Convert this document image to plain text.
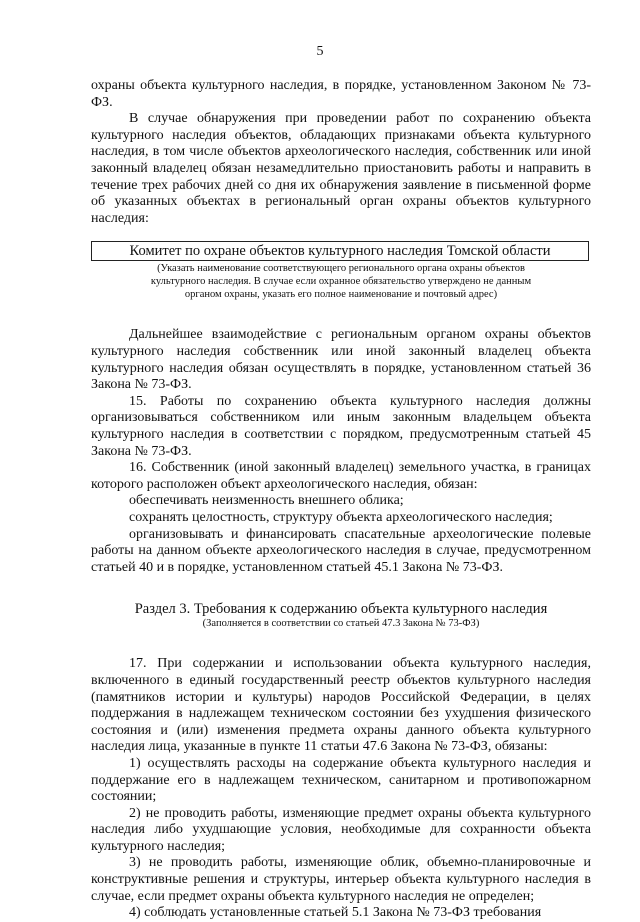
5

охраны объекта культурного наследия, в порядке, установленном Законом № 73-ФЗ.

В случае обнаружения при проведении работ по сохранению объекта культурного наследия объектов, обладающих признаками объекта культурного наследия, в том числе объектов археологического наследия, собственник или иной законный владелец обязан незамедлительно приостановить работы и направить в течение трех рабочих дней со дня их обнаружения заявление в письменной форме об указанных объектах в региональный орган охраны объектов культурного наследия:

Комитет по охране объектов культурного наследия Томской области
(Указать наименование соответствующего регионального органа охраны объектов
культурного наследия. В случае если охранное обязательство утверждено не данным
органом охраны, указать его полное наименование и почтовый адрес)

Дальнейшее взаимодействие с региональным органом охраны объектов культурного наследия собственник или иной законный владелец объекта культурного наследия обязан осуществлять в порядке, установленном статьей 36 Закона № 73-ФЗ.

15. Работы по сохранению объекта культурного наследия должны организовываться собственником или иным законным владельцем объекта культурного наследия в соответствии с порядком, предусмотренным статьей 45 Закона № 73-ФЗ.

16. Собственник (иной законный владелец) земельного участка, в границах которого расположен объект археологического наследия, обязан:

обеспечивать неизменность внешнего облика;

сохранять целостность, структуру объекта археологического наследия;

организовывать и финансировать спасательные археологические полевые работы на данном объекте археологического наследия в случае, предусмотренном статьей 40 и в порядке, установленном статьей 45.1 Закона № 73-ФЗ.

Раздел 3. Требования к содержанию объекта культурного наследия
(Заполняется в соответствии со статьей 47.3 Закона № 73-ФЗ)

17. При содержании и использовании объекта культурного наследия, включенного в единый государственный реестр объектов культурного наследия (памятников истории и культуры) народов Российской Федерации, в целях поддержания в надлежащем техническом состоянии без ухудшения физического состояния и (или) изменения предмета охраны данного объекта культурного наследия лица, указанные в пункте 11 статьи 47.6 Закона № 73-ФЗ, обязаны:

1) осуществлять расходы на содержание объекта культурного наследия и поддержание его в надлежащем техническом, санитарном и противопожарном состоянии;

2) не проводить работы, изменяющие предмет охраны объекта культурного наследия либо ухудшающие условия, необходимые для сохранности объекта культурного наследия;

3) не проводить работы, изменяющие облик, объемно-планировочные и конструктивные решения и структуры, интерьер объекта культурного наследия в случае, если предмет охраны объекта культурного наследия не определен;

4) соблюдать установленные статьей 5.1 Закона № 73-ФЗ требования
